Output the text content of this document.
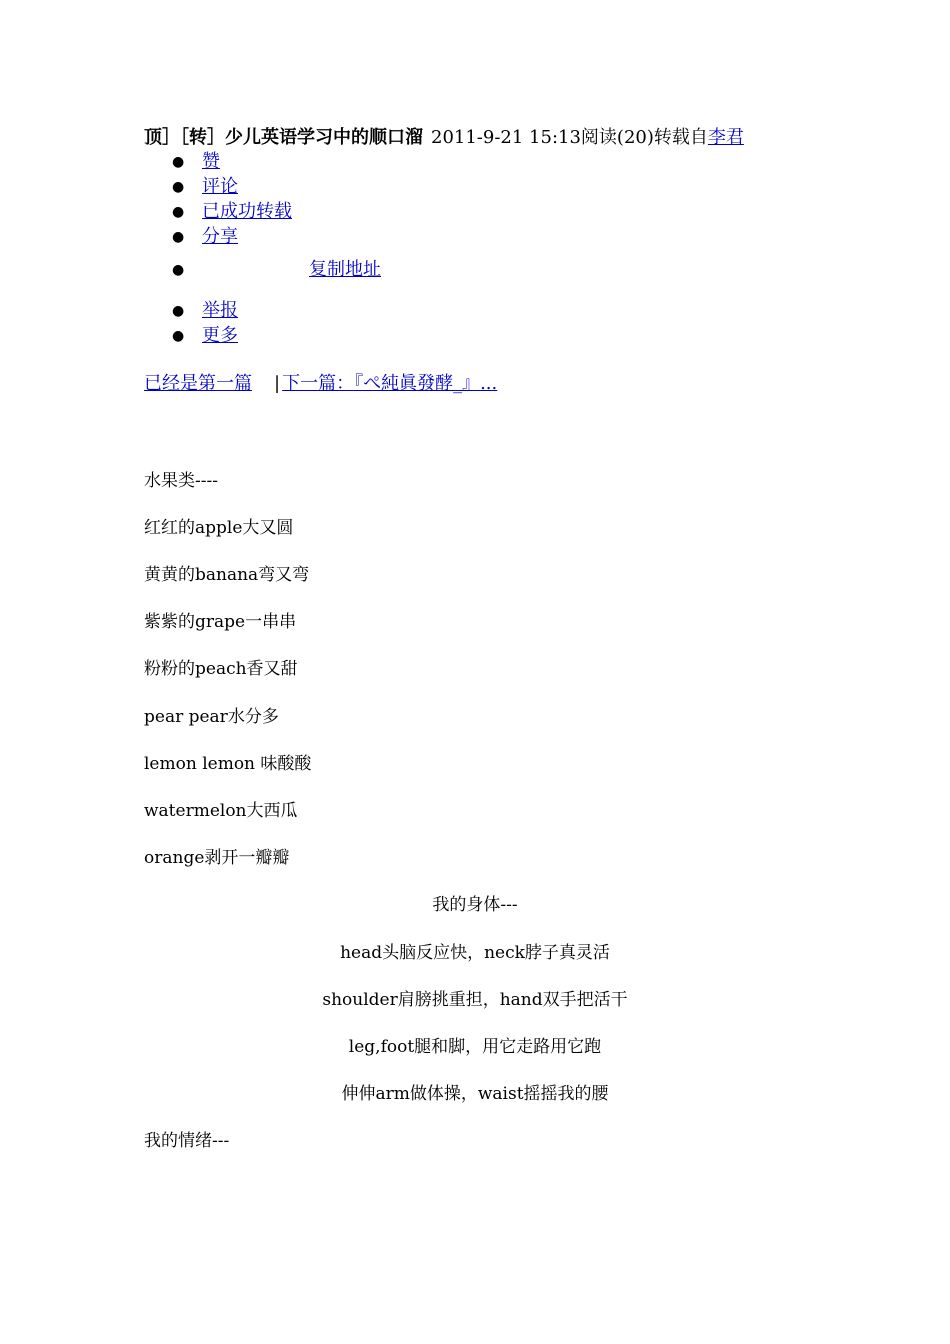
顶］［转］少儿英语学习中的顺口溜 2011-9-21 15:13阅读(20)转载自李君
● 赞
● 评论
● 已成功转载
● 分享
●	复制地址
● 举报
● 更多
已经是第一篇 | 下一篇：『ぺ純眞發酵_』...
水果类----
红红的apple大又圆
黄黄的banana弯又弯
紫紫的grape一串串
粉粉的peach香又甜
pear pear水分多
lemon lemon 味酸酸
watermelon大西瓜
orange剥开一瓣瓣
我的身体---
head头脑反应快，neck脖子真灵活
shoulder肩膀挑重担，hand双手把活干
leg,foot腿和脚，用它走路用它跑
伸伸arm做体操，waist摇摇我的腰
我的情绪---
